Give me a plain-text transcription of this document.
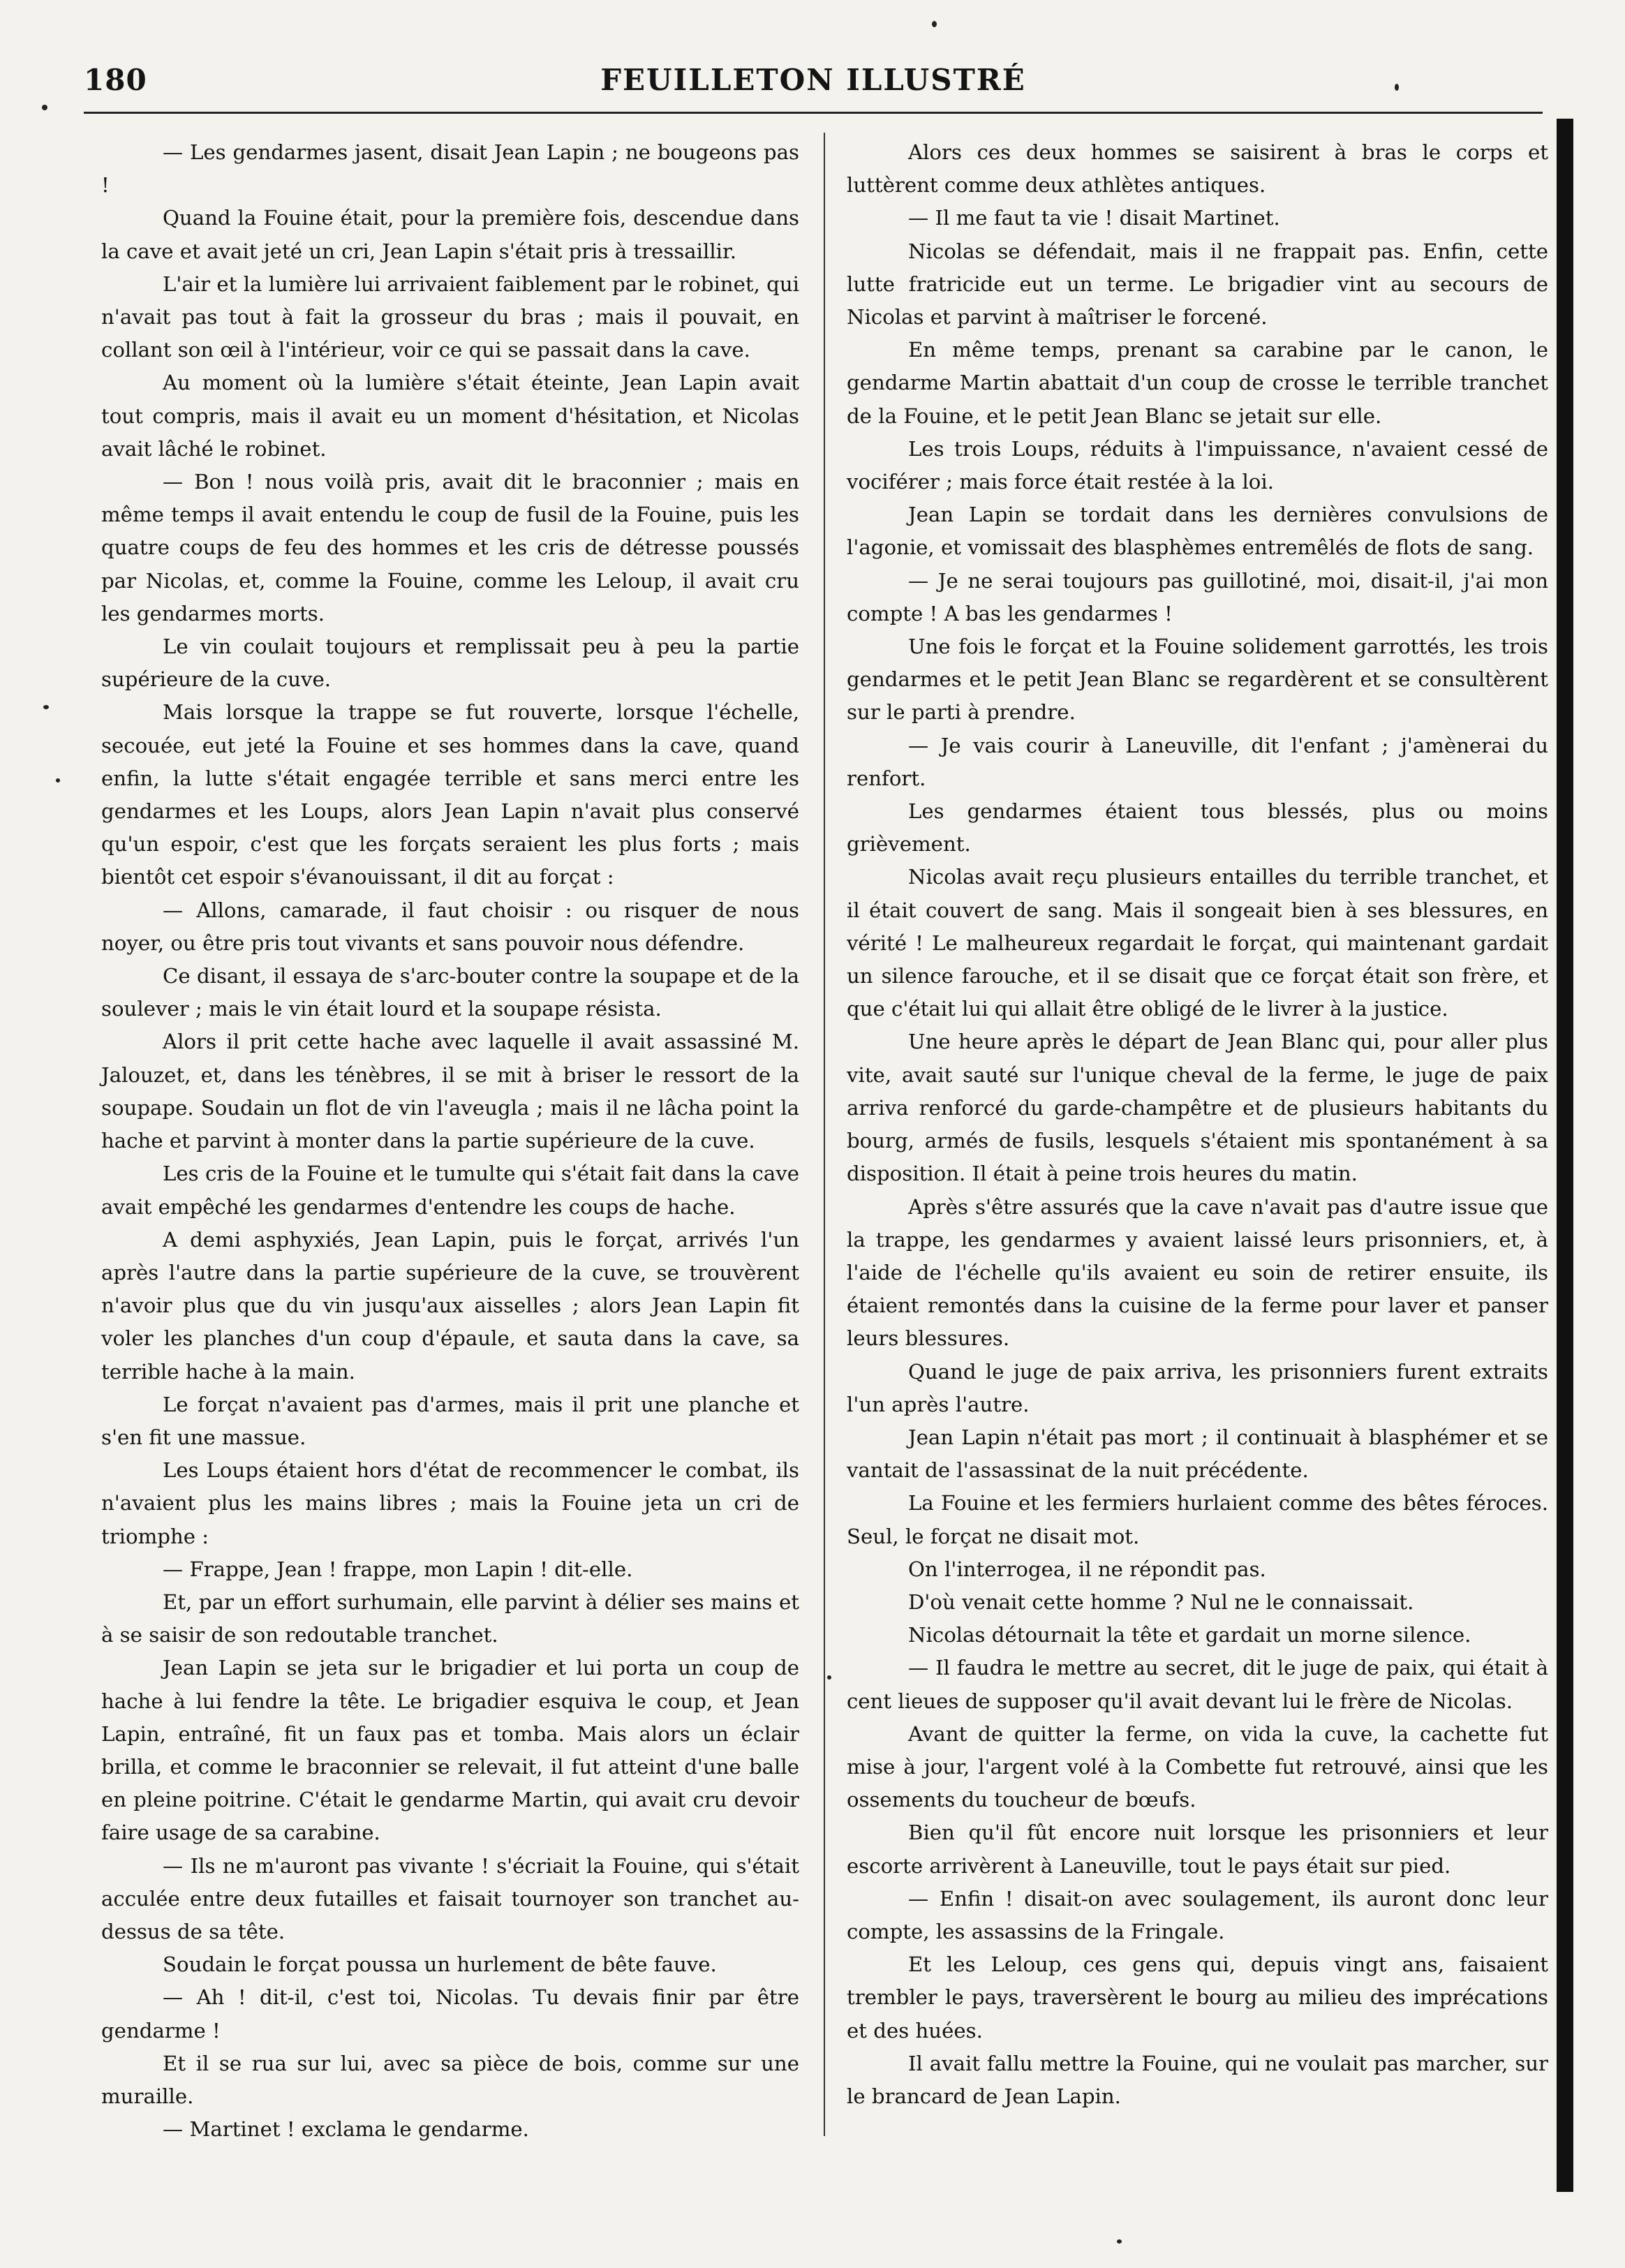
180	FEUILLETON ILLUSTRÉ

— Les gendarmes jasent, disait Jean Lapin ; ne bougeons pas !

Quand la Fouine était, pour la première fois, descendue dans la cave et avait jeté un cri, Jean Lapin s'était pris à tressaillir.

L'air et la lumière lui arrivaient faiblement par le robinet, qui n'avait pas tout à fait la grosseur du bras ; mais il pouvait, en collant son œil à l'intérieur, voir ce qui se passait dans la cave.

Au moment où la lumière s'était éteinte, Jean Lapin avait tout compris, mais il avait eu un moment d'hésitation, et Nicolas avait lâché le robinet.

— Bon ! nous voilà pris, avait dit le braconnier ; mais en même temps il avait entendu le coup de fusil de la Fouine, puis les quatre coups de feu des hommes et les cris de détresse poussés par Nicolas, et, comme la Fouine, comme les Leloup, il avait cru les gendarmes morts.

Le vin coulait toujours et remplissait peu à peu la partie supérieure de la cuve.

Mais lorsque la trappe se fut rouverte, lorsque l'échelle, secouée, eut jeté la Fouine et ses hommes dans la cave, quand enfin, la lutte s'était engagée terrible et sans merci entre les gendarmes et les Loups, alors Jean Lapin n'avait plus conservé qu'un espoir, c'est que les forçats seraient les plus forts ; mais bientôt cet espoir s'évanouissant, il dit au forçat :

— Allons, camarade, il faut choisir : ou risquer de nous noyer, ou être pris tout vivants et sans pouvoir nous défendre.

Ce disant, il essaya de s'arc-bouter contre la soupape et de la soulever ; mais le vin était lourd et la soupape résista.

Alors il prit cette hache avec laquelle il avait assassiné M. Jalouzet, et, dans les ténèbres, il se mit à briser le ressort de la soupape. Soudain un flot de vin l'aveugla ; mais il ne lâcha point la hache et parvint à monter dans la partie supérieure de la cuve.

Les cris de la Fouine et le tumulte qui s'était fait dans la cave avait empêché les gendarmes d'entendre les coups de hache.

A demi asphyxiés, Jean Lapin, puis le forçat, arrivés l'un après l'autre dans la partie supérieure de la cuve, se trouvèrent n'avoir plus que du vin jusqu'aux aisselles ; alors Jean Lapin fit voler les planches d'un coup d'épaule, et sauta dans la cave, sa terrible hache à la main.

Le forçat n'avaient pas d'armes, mais il prit une planche et s'en fit une massue.

Les Loups étaient hors d'état de recommencer le combat, ils n'avaient plus les mains libres ; mais la Fouine jeta un cri de triomphe :

— Frappe, Jean ! frappe, mon Lapin ! dit-elle.

Et, par un effort surhumain, elle parvint à délier ses mains et à se saisir de son redoutable tranchet.

Jean Lapin se jeta sur le brigadier et lui porta un coup de hache à lui fendre la tête. Le brigadier esquiva le coup, et Jean Lapin, entraîné, fit un faux pas et tomba. Mais alors un éclair brilla, et comme le braconnier se relevait, il fut atteint d'une balle en pleine poitrine. C'était le gendarme Martin, qui avait cru devoir faire usage de sa carabine.

— Ils ne m'auront pas vivante ! s'écriait la Fouine, qui s'était acculée entre deux futailles et faisait tournoyer son tranchet au-dessus de sa tête.

Soudain le forçat poussa un hurlement de bête fauve.

— Ah ! dit-il, c'est toi, Nicolas. Tu devais finir par être gendarme !

Et il se rua sur lui, avec sa pièce de bois, comme sur une muraille.

— Martinet ! exclama le gendarme.

Alors ces deux hommes se saisirent à bras le corps et luttèrent comme deux athlètes antiques.

— Il me faut ta vie ! disait Martinet.

Nicolas se défendait, mais il ne frappait pas. Enfin, cette lutte fratricide eut un terme. Le brigadier vint au secours de Nicolas et parvint à maîtriser le forcené.

En même temps, prenant sa carabine par le canon, le gendarme Martin abattait d'un coup de crosse le terrible tranchet de la Fouine, et le petit Jean Blanc se jetait sur elle.

Les trois Loups, réduits à l'impuissance, n'avaient cessé de vociférer ; mais force était restée à la loi.

Jean Lapin se tordait dans les dernières convulsions de l'agonie, et vomissait des blasphèmes entremêlés de flots de sang.

— Je ne serai toujours pas guillotiné, moi, disait-il, j'ai mon compte ! A bas les gendarmes !

Une fois le forçat et la Fouine solidement garrottés, les trois gendarmes et le petit Jean Blanc se regardèrent et se consultèrent sur le parti à prendre.

— Je vais courir à Laneuville, dit l'enfant ; j'amènerai du renfort.

Les gendarmes étaient tous blessés, plus ou moins grièvement.

Nicolas avait reçu plusieurs entailles du terrible tranchet, et il était couvert de sang. Mais il songeait bien à ses blessures, en vérité ! Le malheureux regardait le forçat, qui maintenant gardait un silence farouche, et il se disait que ce forçat était son frère, et que c'était lui qui allait être obligé de le livrer à la justice.

Une heure après le départ de Jean Blanc qui, pour aller plus vite, avait sauté sur l'unique cheval de la ferme, le juge de paix arriva renforcé du garde-champêtre et de plusieurs habitants du bourg, armés de fusils, lesquels s'étaient mis spontanément à sa disposition. Il était à peine trois heures du matin.

Après s'être assurés que la cave n'avait pas d'autre issue que la trappe, les gendarmes y avaient laissé leurs prisonniers, et, à l'aide de l'échelle qu'ils avaient eu soin de retirer ensuite, ils étaient remontés dans la cuisine de la ferme pour laver et panser leurs blessures.

Quand le juge de paix arriva, les prisonniers furent extraits l'un après l'autre.

Jean Lapin n'était pas mort ; il continuait à blasphémer et se vantait de l'assassinat de la nuit précédente.

La Fouine et les fermiers hurlaient comme des bêtes féroces. Seul, le forçat ne disait mot.

On l'interrogea, il ne répondit pas.

D'où venait cette homme ? Nul ne le connaissait.

Nicolas détournait la tête et gardait un morne silence.

— Il faudra le mettre au secret, dit le juge de paix, qui était à cent lieues de supposer qu'il avait devant lui le frère de Nicolas.

Avant de quitter la ferme, on vida la cuve, la cachette fut mise à jour, l'argent volé à la Combette fut retrouvé, ainsi que les ossements du toucheur de bœufs.

Bien qu'il fût encore nuit lorsque les prisonniers et leur escorte arrivèrent à Laneuville, tout le pays était sur pied.

— Enfin ! disait-on avec soulagement, ils auront donc leur compte, les assassins de la Fringale.

Et les Leloup, ces gens qui, depuis vingt ans, faisaient trembler le pays, traversèrent le bourg au milieu des imprécations et des huées.

Il avait fallu mettre la Fouine, qui ne voulait pas marcher, sur le brancard de Jean Lapin.
